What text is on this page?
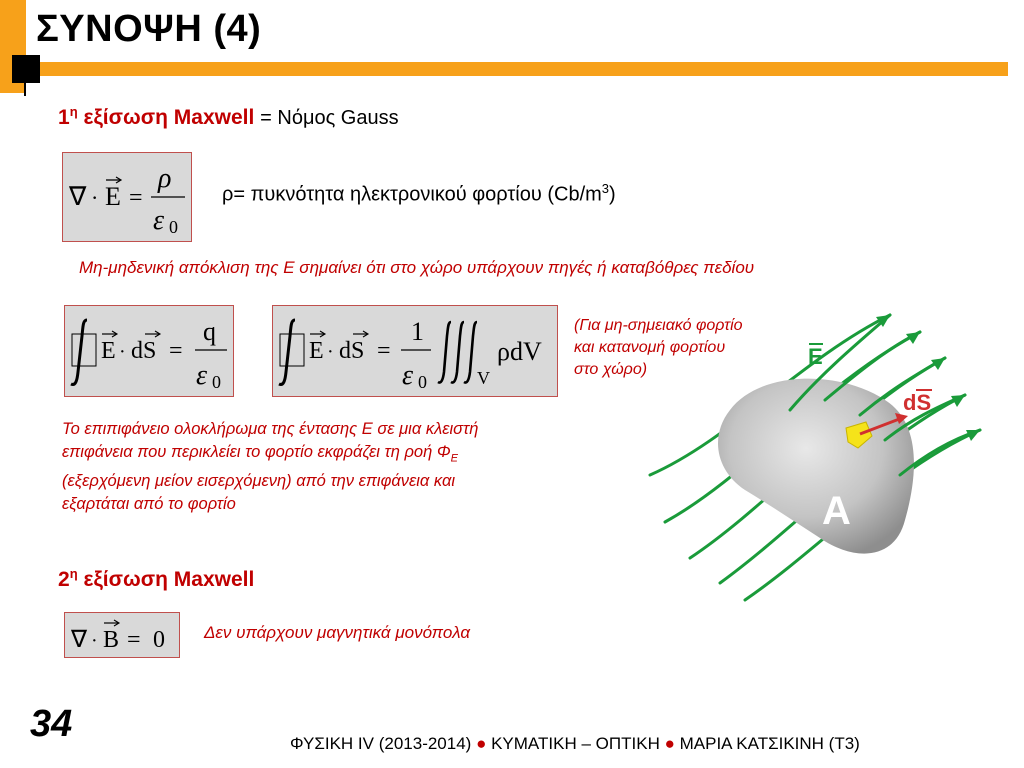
ΣΥΝΟΨΗ (4)
$1^\eta$ εξίσωση Maxwell = Νόμος Gauss
∇ · E =
ρ
ε 0
ρ= πυκνότητα ηλεκτρονικού φορτίου $(Cb/m^3)$
Μη-μηδενική απόκλιση της Ε σημαίνει ότι στο χώρο υπάρχουν πηγές ή καταβόθρες πεδίου
E · dS =
q
ε 0
E · dS =
1
ε 0	V
ρdV
(Για μη-σημειακό φορτίο
και κατανομή φορτίου
στο χώρο)
Το επιπιφάνειο ολοκλήρωμα της έντασης Ε σε μια κλειστή
επιφάνεια που περικλείει το φορτίο εκφράζει τη ροή $\Phi_E$
(εξερχόμενη μείον εισερχόμενη) από την επιφάνεια και
εξαρτάται από το φορτίο
E
dS
A
$2^\eta$ εξίσωση Maxwell
∇ · B = 0 Δεν υπάρχουν μαγνητικά μονόπολα
34	ΦΥΣΙΚΗ IV (2013-2014) ● ΚΥΜΑΤΙΚΗ – ΟΠΤΙΚΗ ● ΜΑΡΙΑ ΚΑΤΣΙΚΙΝΗ (Τ3)
